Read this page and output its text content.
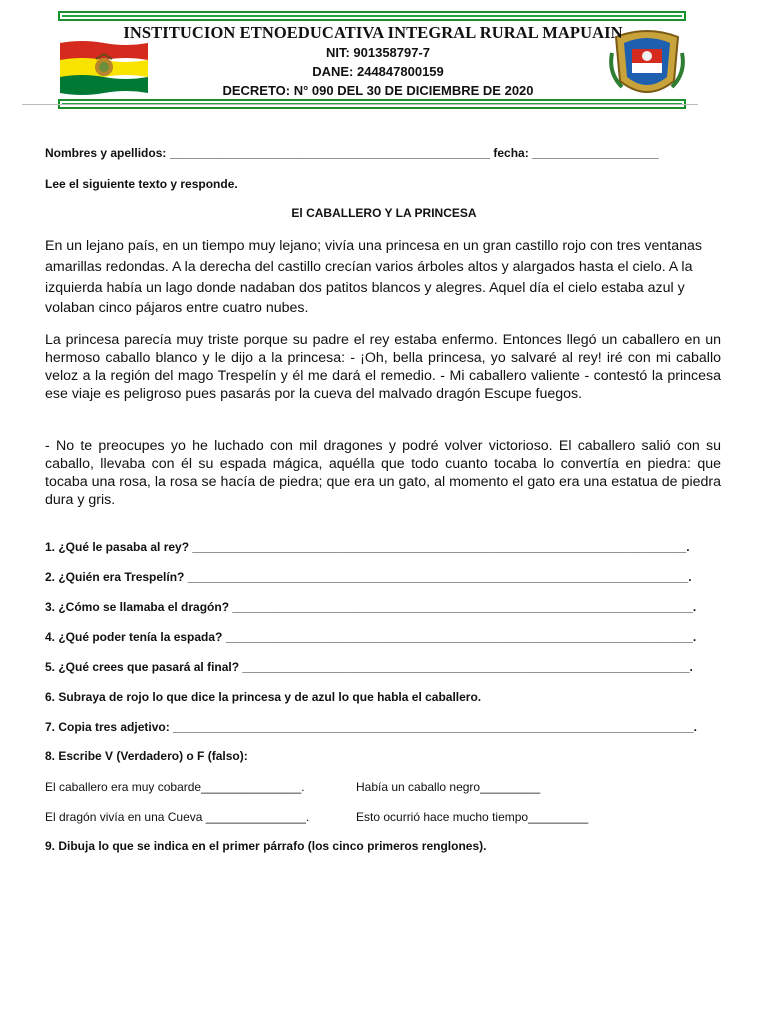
INSTITUCION ETNOEDUCATIVA INTEGRAL RURAL MAPUAIN
NIT: 901358797-7
DANE: 244847800159
DECRETO: N° 090 DEL 30 DE DICIEMBRE DE 2020
Nombres y apellidos: ________________________________________________ fecha: ___________________
Lee el siguiente texto y responde.
El CABALLERO Y LA PRINCESA

En un lejano país, en un tiempo muy lejano; vivía una princesa en un gran castillo rojo con tres ventanas amarillas redondas. A la derecha del castillo crecían varios árboles altos y alargados hasta el cielo. A la izquierda había un lago donde nadaban dos patitos blancos y alegres. Aquel día el cielo estaba azul y volaban cinco pájaros entre cuatro nubes.

La princesa parecía muy triste porque su padre el rey estaba enfermo. Entonces llegó un caballero en un hermoso caballo blanco y le dijo a la princesa: - ¡Oh, bella princesa, yo salvaré al rey! iré con mi caballo veloz a la región del mago Trespelín y él me dará el remedio. - Mi caballero valiente - contestó la princesa ese viaje es peligroso pues pasarás por la cueva del malvado dragón Escupe fuegos.

- No te preocupes yo he luchado con mil dragones y podré volver victorioso. El caballero salió con su caballo, llevaba con él su espada mágica, aquélla que todo cuanto tocaba lo convertía en piedra: que tocaba una rosa, la rosa se hacía de piedra; que era un gato, al momento el gato era una estatua de piedra dura y gris.

1. ¿Qué le pasaba al rey? __________________________________________________________________________.
2. ¿Quién era Trespelín? ___________________________________________________________________________.
3. ¿Cómo se llamaba el dragón? _____________________________________________________________________.
4. ¿Qué poder tenía la espada? ______________________________________________________________________.
5. ¿Qué crees que pasará al final? ___________________________________________________________________.
6. Subraya de rojo lo que dice la princesa y de azul lo que habla el caballero.
7. Copia tres adjetivo: ______________________________________________________________________________.
8. Escribe V (Verdadero) o F (falso):
El caballero era muy cobarde_______________.	Había un caballo negro_________
El dragón vivía en una Cueva _______________.	Esto ocurrió hace mucho tiempo_________
9. Dibuja lo que se indica en el primer párrafo (los cinco primeros renglones).
